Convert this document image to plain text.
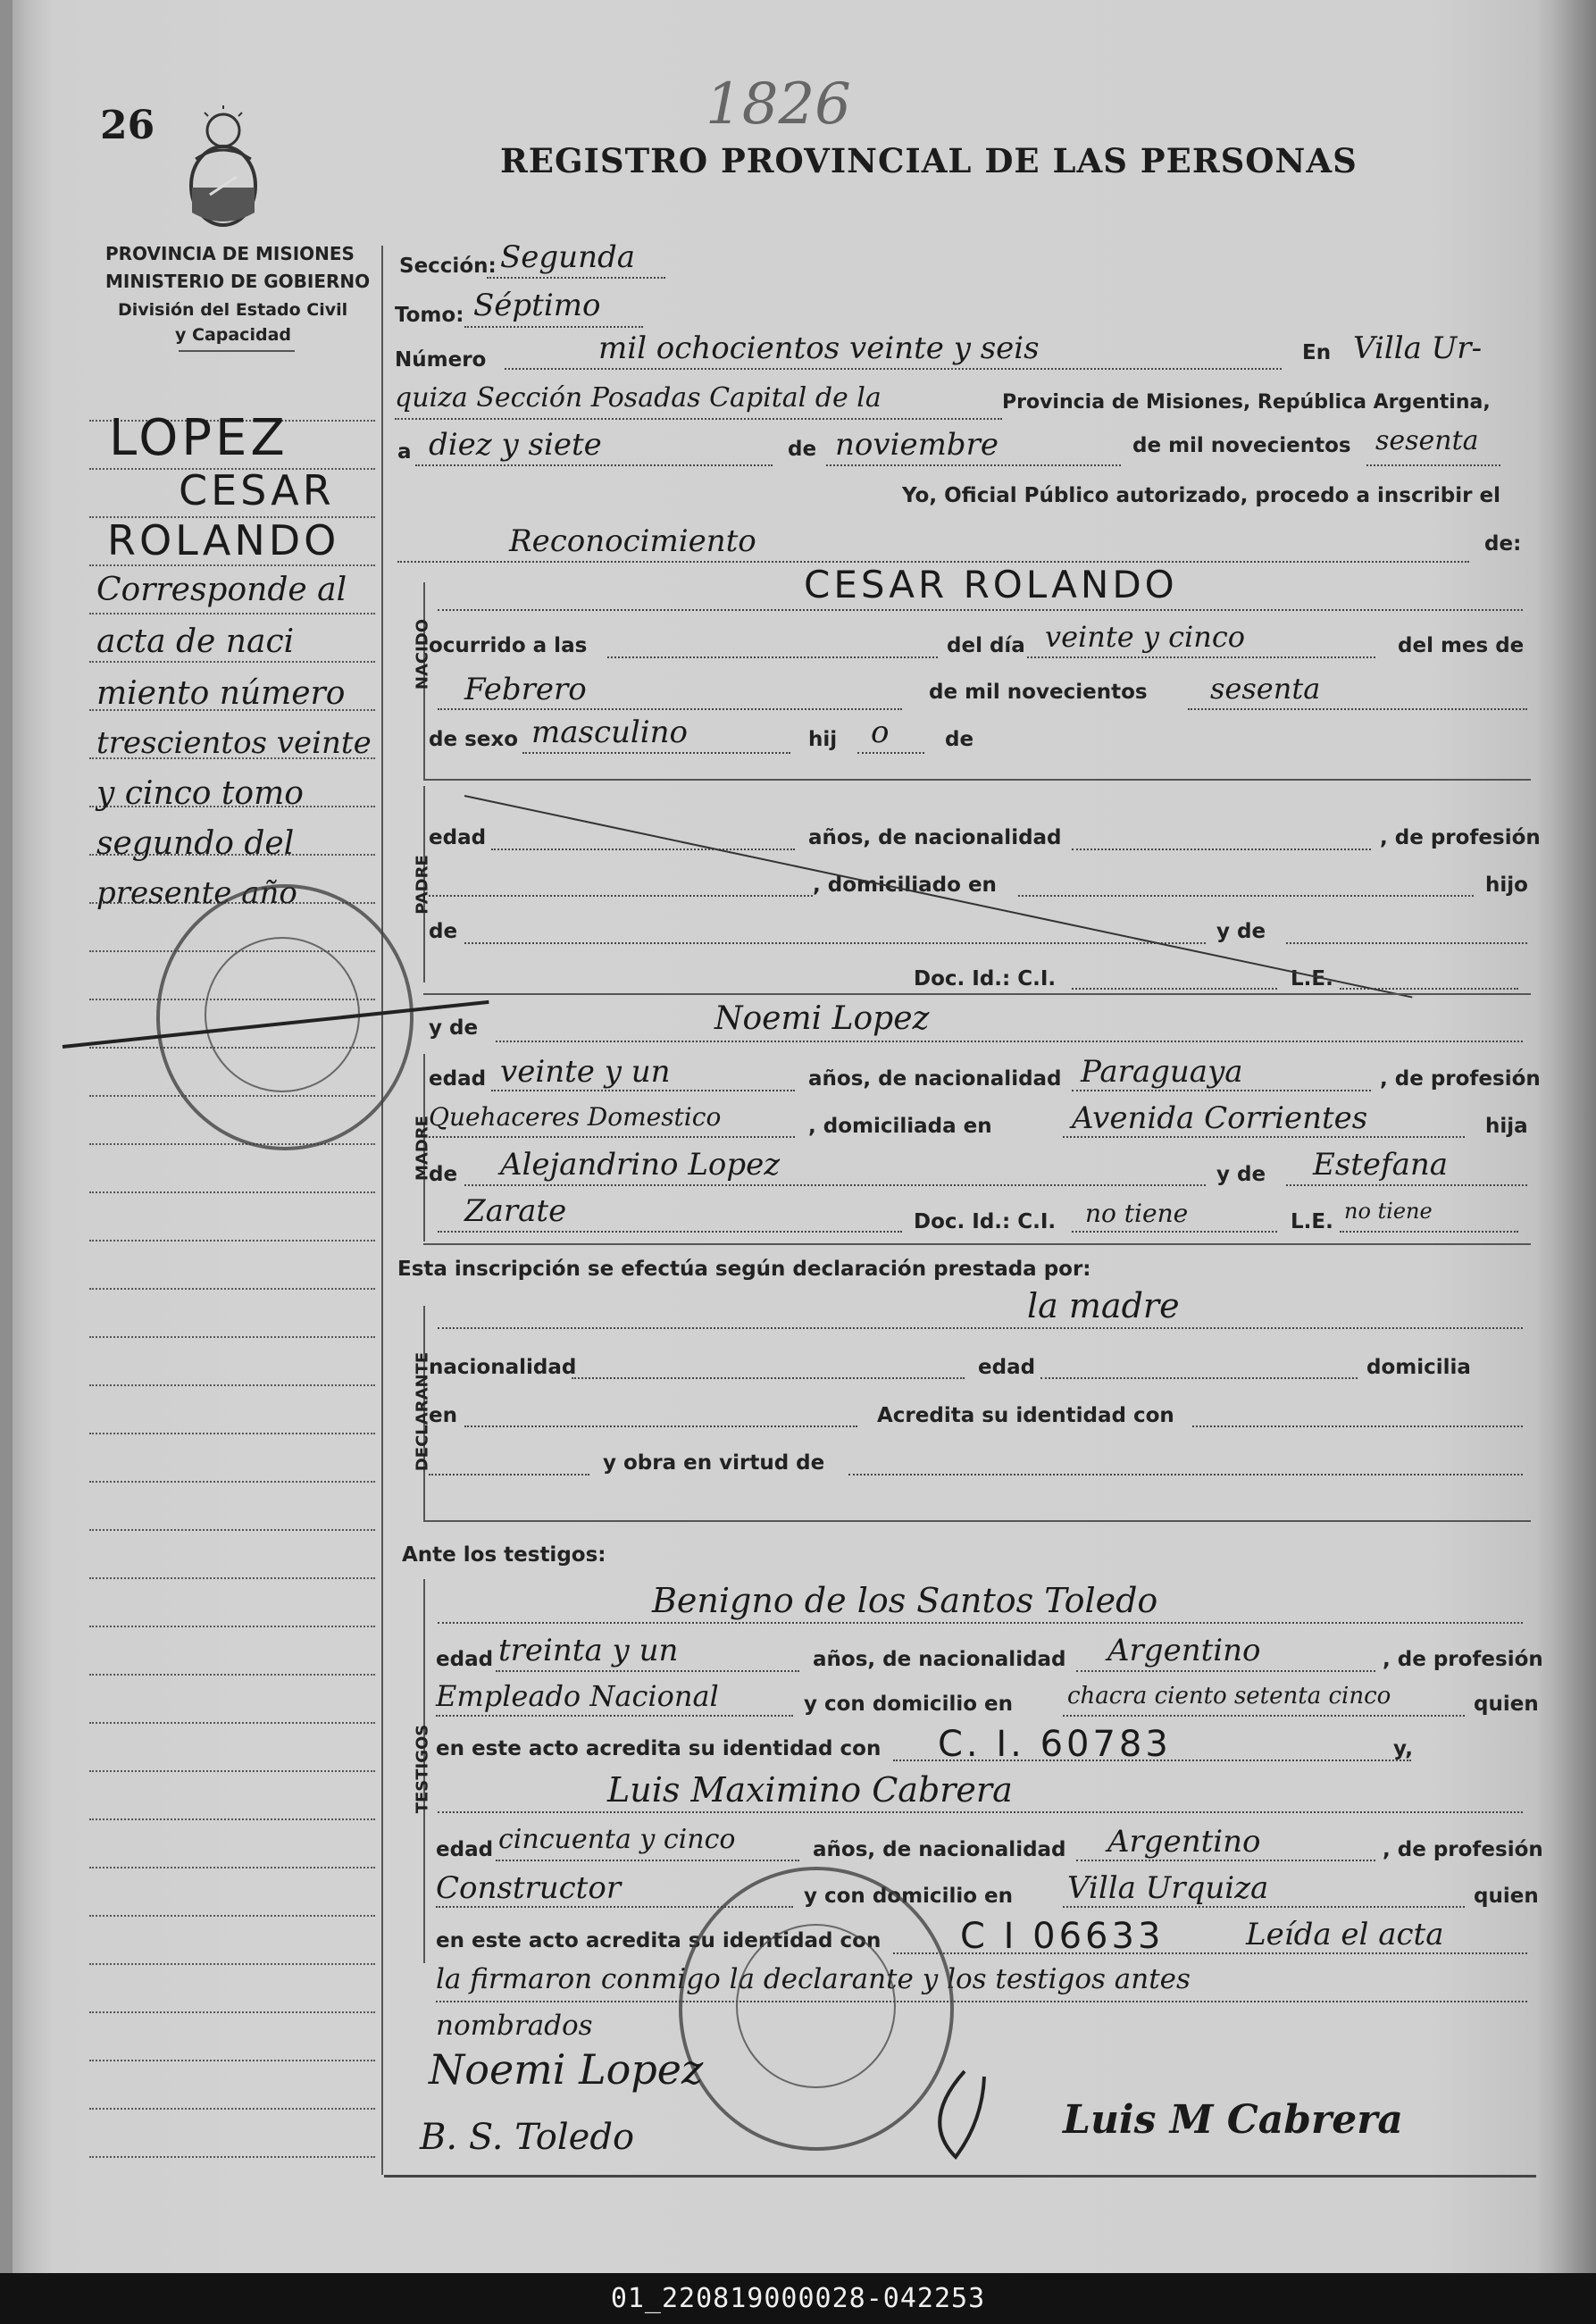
1826
26
REGISTRO PROVINCIAL DE LAS PERSONAS
PROVINCIA DE MISIONES
MINISTERIO DE GOBIERNO
División del Estado Civil
y Capacidad
LOPEZ
CESAR
ROLANDO
Corresponde al
acta de naci
miento número
trescientos veinte
y cinco tomo
segundo del
presente año
Sección: Segunda
Tomo: Séptimo
Número	mil ochocientos veinte y seis	En Villa Ur-
quiza Sección Posadas Capital de la	Provincia de Misiones, República Argentina,
a diez y siete	de noviembre	de mil novecientos sesenta
Yo, Oficial Público autorizado, procedo a inscribir el
Reconocimiento	de:
NACIDO
CESAR ROLANDO
ocurrido a las	del día veinte y cinco	del mes de
Febrero	de mil novecientos sesenta
de sexo masculino	hij o	de
PADRE
edad	años, de nacionalidad	, de profesión
, domiciliado en	hijo
de	y de
Doc. Id.: C.I.	L.E.
y de	Noemi Lopez
MADRE
edad veinte y un	años, de nacionalidad Paraguaya	, de profesión
Quehaceres Domestico	, domiciliada en	Avenida Corrientes	hija
de Alejandrino Lopez	y de Estefana
Zarate	Doc. Id.: C.I. no tiene	L.E. no tiene
Esta inscripción se efectúa según declaración prestada por:
la madre
DECLARANTE
nacionalidad	edad	domicilia
en	Acredita su identidad con
y obra en virtud de
Ante los testigos:
TESTIGOS
Benigno de los Santos Toledo
edad treinta y un	años, de nacionalidad Argentino	, de profesión
Empleado Nacional	y con domicilio en chacra ciento setenta cinco	quien
en este acto acredita su identidad con C. I. 60783	y,
Luis Maximino Cabrera
edad cincuenta y cinco	años, de nacionalidad Argentino	, de profesión
Constructor	y con domicilio en Villa Urquiza	quien
en este acto acredita su identidad con C I 06633	Leída el acta
la firmaron conmigo la declarante y los testigos antes
nombrados
Noemi Lopez
B. S. Toledo	Luis M Cabrera
01_220819000028-042253
